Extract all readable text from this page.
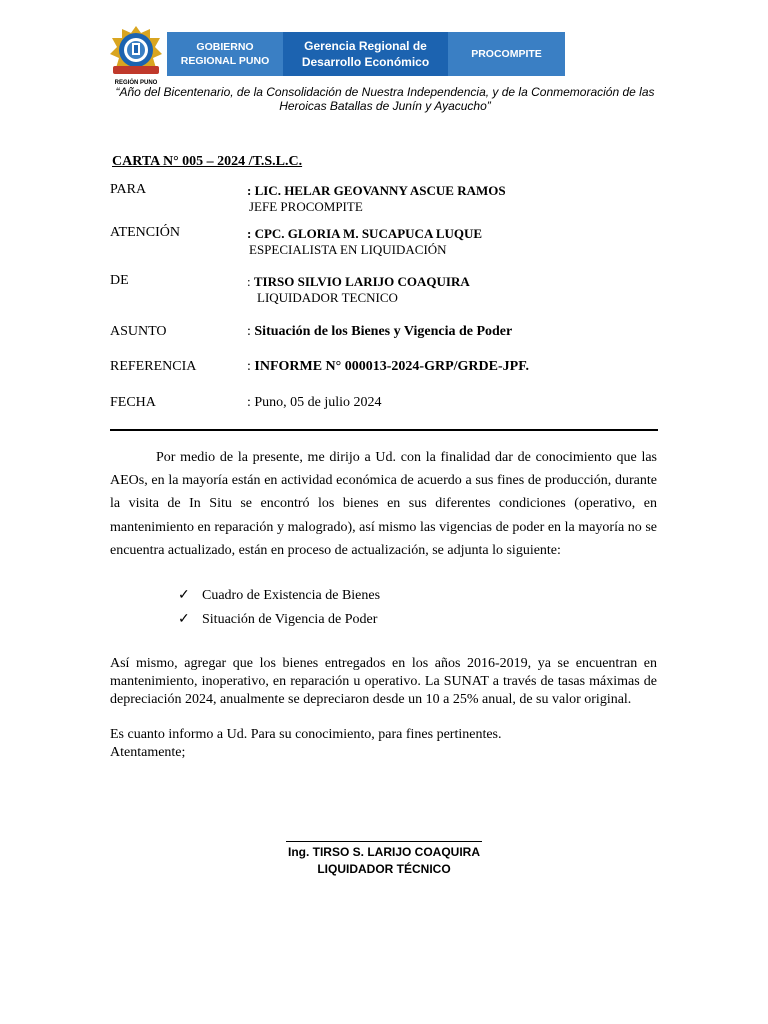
REGIÓN PUNO
GOBIERNO
REGIONAL PUNO
Gerencia Regional de
Desarrollo Económico
PROCOMPITE
“Año del Bicentenario, de la Consolidación de Nuestra Independencia, y de la Conmemoración de las
Heroicas Batallas de Junín y Ayacucho”
CARTA N° 005 – 2024 /T.S.L.C.
PARA	: LIC. HELAR GEOVANNY ASCUE RAMOS
JEFE PROCOMPITE
ATENCIÓN	: CPC. GLORIA M. SUCAPUCA LUQUE
ESPECIALISTA EN LIQUIDACIÓN
DE	: TIRSO SILVIO LARIJO COAQUIRA
LIQUIDADOR TECNICO
ASUNTO	: Situación de los Bienes y Vigencia de Poder
REFERENCIA	: INFORME N° 000013-2024-GRP/GRDE-JPF.
FECHA	: Puno, 05 de julio 2024
Por medio de la presente, me dirijo a Ud. con la finalidad dar de conocimiento que las AEOs, en la mayoría están en actividad económica de acuerdo a sus fines de producción, durante la visita de In Situ se encontró los bienes en sus diferentes condiciones (operativo, en mantenimiento en reparación y malogrado), así mismo las vigencias de poder en la mayoría no se encuentra actualizado, están en proceso de actualización, se adjunta lo siguiente:
✓ Cuadro de Existencia de Bienes
✓ Situación de Vigencia de Poder
Así mismo, agregar que los bienes entregados en los años 2016-2019, ya se encuentran en mantenimiento, inoperativo, en reparación u operativo. La SUNAT a través de tasas máximas de depreciación 2024, anualmente se depreciaron desde un 10 a 25% anual, de su valor original.
Es cuanto informo a Ud. Para su conocimiento, para fines pertinentes.
Atentamente;
Ing. TIRSO S. LARIJO COAQUIRA
LIQUIDADOR TÉCNICO
